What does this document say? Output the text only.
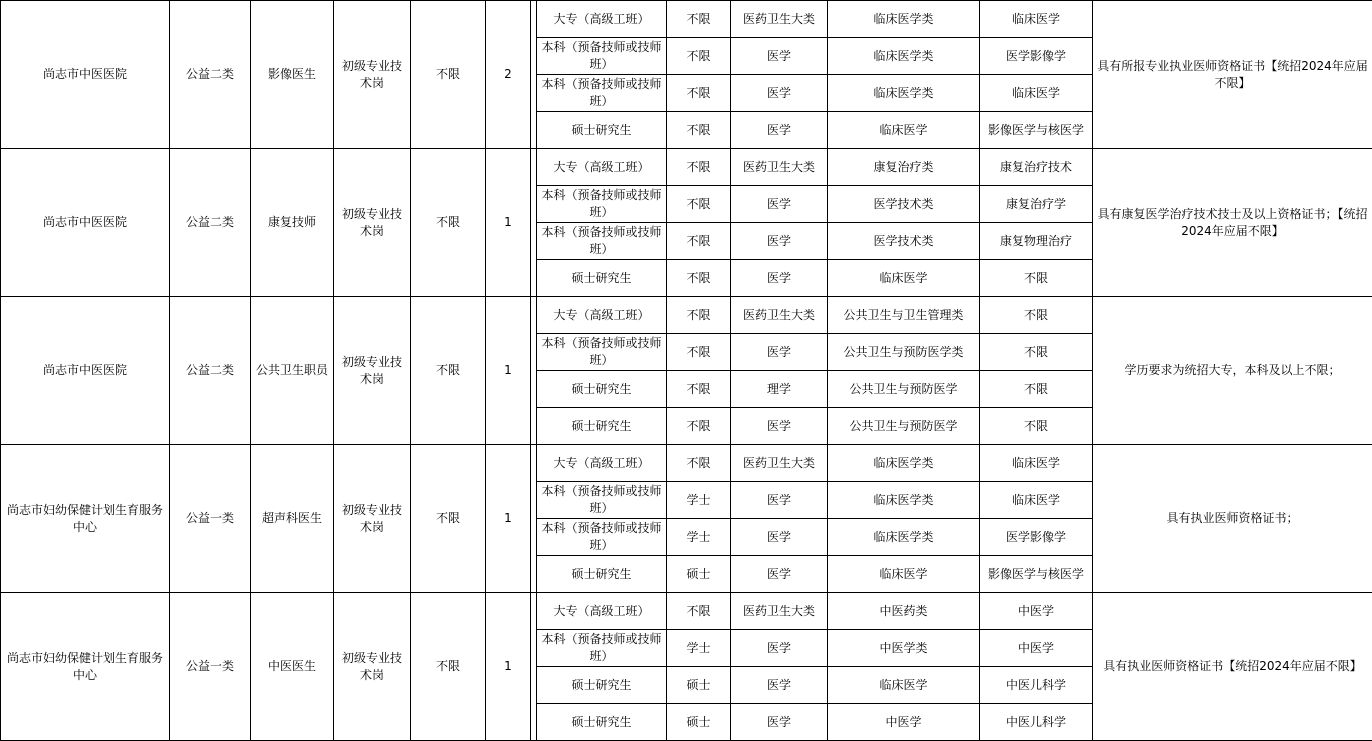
尚志市中医医院	公益二类	影像医生	初级专业技术岗	不限	2		大专（高级工班）	不限	医药卫生大类	临床医学类	临床医学	具有所报专业执业医师资格证书【统招2024年应届不限】
							本科（预备技师或技师班）	不限	医学	临床医学类	医学影像学	
							本科（预备技师或技师班）	不限	医学	临床医学类	临床医学	
							硕士研究生	不限	医学	临床医学	影像医学与核医学	
尚志市中医医院	公益二类	康复技师	初级专业技术岗	不限	1		大专（高级工班）	不限	医药卫生大类	康复治疗类	康复治疗技术	具有康复医学治疗技术技士及以上资格证书；【统招2024年应届不限】
							本科（预备技师或技师班）	不限	医学	医学技术类	康复治疗学	
							本科（预备技师或技师班）	不限	医学	医学技术类	康复物理治疗	
							硕士研究生	不限	医学	临床医学	不限	
尚志市中医医院	公益二类	公共卫生职员	初级专业技术岗	不限	1		大专（高级工班）	不限	医药卫生大类	公共卫生与卫生管理类	不限	学历要求为统招大专，本科及以上不限；
							本科（预备技师或技师班）	不限	医学	公共卫生与预防医学类	不限	
							硕士研究生	不限	理学	公共卫生与预防医学	不限	
							硕士研究生	不限	医学	公共卫生与预防医学	不限	
尚志市妇幼保健计划生育服务中心	公益一类	超声科医生	初级专业技术岗	不限	1		大专（高级工班）	不限	医药卫生大类	临床医学类	临床医学	具有执业医师资格证书；
							本科（预备技师或技师班）	学士	医学	临床医学类	临床医学	
							本科（预备技师或技师班）	学士	医学	临床医学类	医学影像学	
							硕士研究生	硕士	医学	临床医学	影像医学与核医学	
尚志市妇幼保健计划生育服务中心	公益一类	中医医生	初级专业技术岗	不限	1		大专（高级工班）	不限	医药卫生大类	中医药类	中医学	具有执业医师资格证书【统招2024年应届不限】
							本科（预备技师或技师班）	学士	医学	中医学类	中医学	
							硕士研究生	硕士	医学	临床医学	中医儿科学	
							硕士研究生	硕士	医学	中医学	中医儿科学	
